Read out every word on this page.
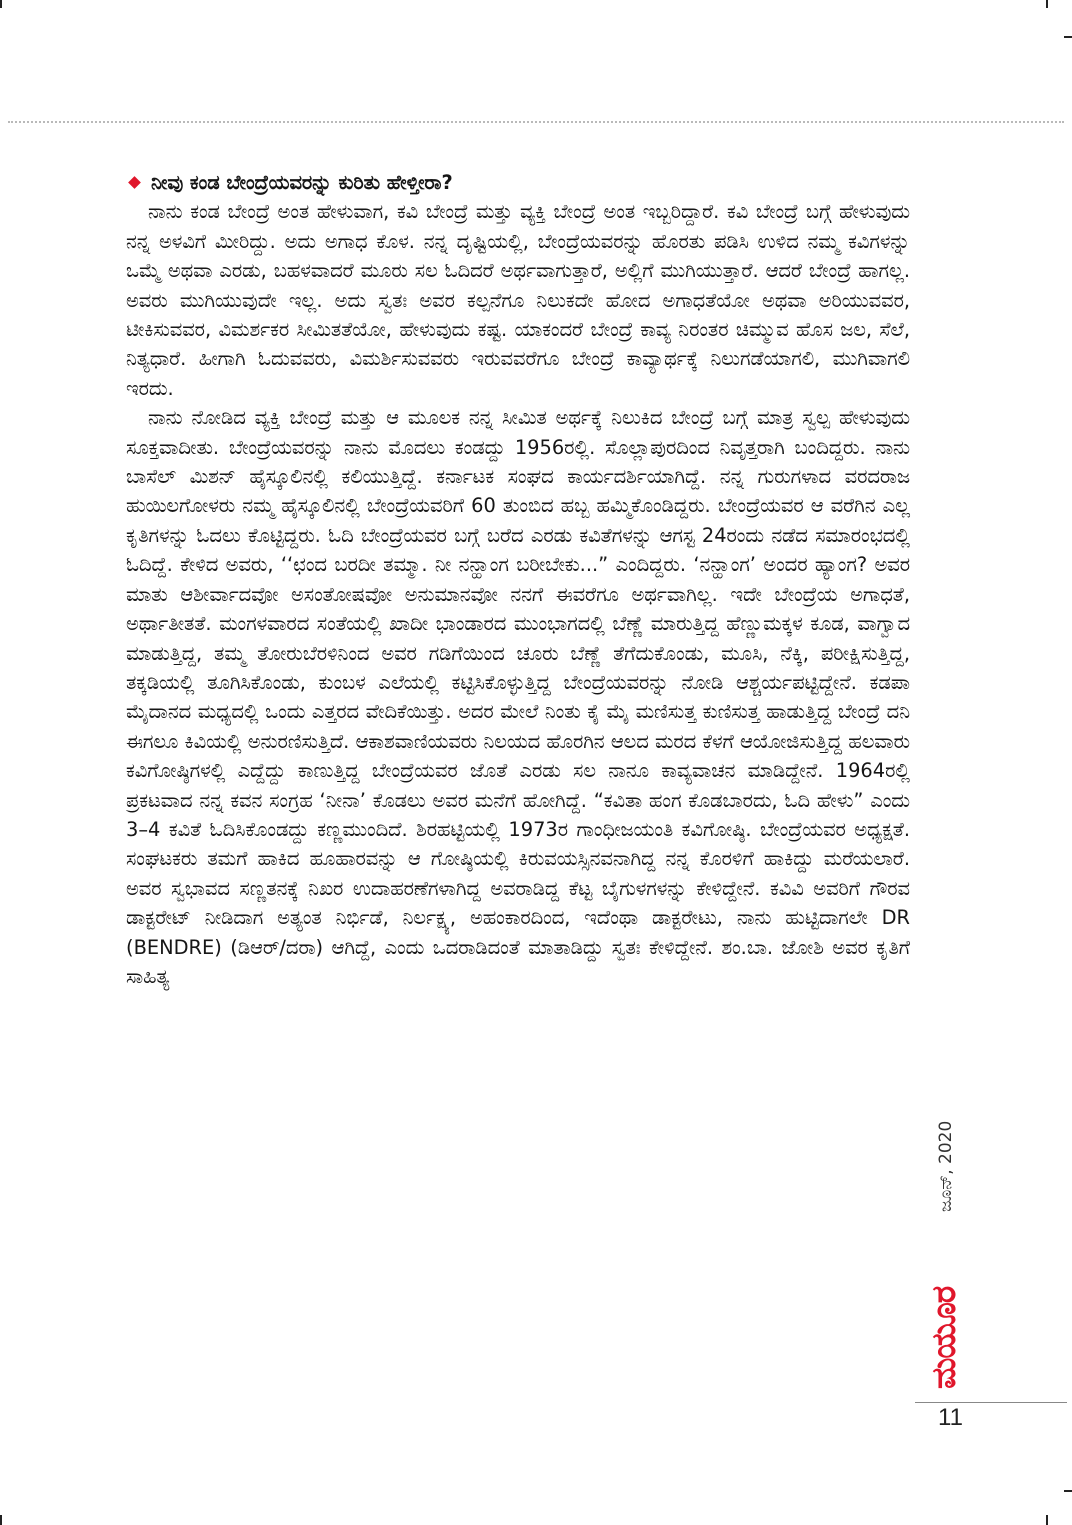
ನೀವು ಕಂಡ ಬೇಂದ್ರೆಯವರನ್ನು ಕುರಿತು ಹೇಳ್ತೀರಾ?

ನಾನು ಕಂಡ ಬೇಂದ್ರೆ ಅಂತ ಹೇಳುವಾಗ, ಕವಿ ಬೇಂದ್ರೆ ಮತ್ತು ವ್ಯಕ್ತಿ ಬೇಂದ್ರೆ ಅಂತ ಇಬ್ಬರಿದ್ದಾರೆ. ಕವಿ ಬೇಂದ್ರೆ ಬಗ್ಗೆ ಹೇಳುವುದು ನನ್ನ ಅಳವಿಗೆ ಮೀರಿದ್ದು. ಅದು ಅಗಾಧ ಕೊಳ. ನನ್ನ ದೃಷ್ಟಿಯಲ್ಲಿ, ಬೇಂದ್ರೆಯವರನ್ನು ಹೊರತು ಪಡಿಸಿ ಉಳಿದ ನಮ್ಮ ಕವಿಗಳನ್ನು ಒಮ್ಮೆ ಅಥವಾ ಎರಡು, ಬಹಳವಾದರೆ ಮೂರು ಸಲ ಓದಿದರೆ ಅರ್ಥವಾಗುತ್ತಾರೆ, ಅಲ್ಲಿಗೆ ಮುಗಿಯುತ್ತಾರೆ. ಆದರೆ ಬೇಂದ್ರೆ ಹಾಗಲ್ಲ. ಅವರು ಮುಗಿಯುವುದೇ ಇಲ್ಲ. ಅದು ಸ್ವತಃ ಅವರ ಕಲ್ಪನೆಗೂ ನಿಲುಕದೇ ಹೋದ ಅಗಾಧತೆಯೋ ಅಥವಾ ಅರಿಯುವವರ, ಟೀಕಿಸುವವರ, ವಿಮರ್ಶಕರ ಸೀಮಿತತೆಯೋ, ಹೇಳುವುದು ಕಷ್ಟ. ಯಾಕಂದರೆ ಬೇಂದ್ರೆ ಕಾವ್ಯ ನಿರಂತರ ಚಿಮ್ಮುವ ಹೊಸ ಜಲ, ಸೆಲೆ, ನಿತ್ಯಧಾರೆ. ಹೀಗಾಗಿ ಓದುವವರು, ವಿಮರ್ಶಿಸುವವರು ಇರುವವರೆಗೂ ಬೇಂದ್ರೆ ಕಾವ್ಯಾರ್ಥಕ್ಕೆ ನಿಲುಗಡೆಯಾಗಲಿ, ಮುಗಿವಾಗಲಿ ಇರದು.

ನಾನು ನೋಡಿದ ವ್ಯಕ್ತಿ ಬೇಂದ್ರೆ ಮತ್ತು ಆ ಮೂಲಕ ನನ್ನ ಸೀಮಿತ ಅರ್ಥಕ್ಕೆ ನಿಲುಕಿದ ಬೇಂದ್ರೆ ಬಗ್ಗೆ ಮಾತ್ರ ಸ್ವಲ್ಪ ಹೇಳುವುದು ಸೂಕ್ತವಾದೀತು. ಬೇಂದ್ರೆಯವರನ್ನು ನಾನು ಮೊದಲು ಕಂಡದ್ದು 1956ರಲ್ಲಿ. ಸೊಲ್ಲಾಪುರದಿಂದ ನಿವೃತ್ತರಾಗಿ ಬಂದಿದ್ದರು. ನಾನು ಬಾಸೆಲ್ ಮಿಶನ್ ಹೈಸ್ಕೂಲಿನಲ್ಲಿ ಕಲಿಯುತ್ತಿದ್ದೆ. ಕರ್ನಾಟಕ ಸಂಘದ ಕಾರ್ಯದರ್ಶಿಯಾಗಿದ್ದೆ. ನನ್ನ ಗುರುಗಳಾದ ವರದರಾಜ ಹುಯಿಲಗೋಳರು ನಮ್ಮ ಹೈಸ್ಕೂಲಿನಲ್ಲಿ ಬೇಂದ್ರೆಯವರಿಗೆ 60 ತುಂಬಿದ ಹಬ್ಬ ಹಮ್ಮಿಕೊಂಡಿದ್ದರು. ಬೇಂದ್ರೆಯವರ ಆ ವರೆಗಿನ ಎಲ್ಲ ಕೃತಿಗಳನ್ನು ಓದಲು ಕೊಟ್ಟಿದ್ದರು. ಓದಿ ಬೇಂದ್ರೆಯವರ ಬಗ್ಗೆ ಬರೆದ ಎರಡು ಕವಿತೆಗಳನ್ನು ಆಗಸ್ಟ 24ರಂದು ನಡೆದ ಸಮಾರಂಭದಲ್ಲಿ ಓದಿದ್ದೆ. ಕೇಳಿದ ಅವರು, ‘‘ಛಂದ ಬರದೀ ತಮ್ಮಾ. ನೀ ನನ್ಹಾಂಗ ಬರೀಬೇಕು...” ಎಂದಿದ್ದರು. ‘ನನ್ಹಾಂಗ’ ಅಂದರ ಹ್ಯಾಂಗ? ಅವರ ಮಾತು ಆಶೀರ್ವಾದವೋ ಅಸಂತೋಷವೋ ಅನುಮಾನವೋ ನನಗೆ ಈವರೆಗೂ ಅರ್ಥವಾಗಿಲ್ಲ. ಇದೇ ಬೇಂದ್ರೆಯ ಅಗಾಧತೆ, ಅರ್ಥಾತೀತತೆ. ಮಂಗಳವಾರದ ಸಂತೆಯಲ್ಲಿ ಖಾದೀ ಭಾಂಡಾರದ ಮುಂಭಾಗದಲ್ಲಿ ಬೆಣ್ಣೆ ಮಾರುತ್ತಿದ್ದ ಹೆಣ್ಣುಮಕ್ಕಳ ಕೂಡ, ವಾಗ್ವಾದ ಮಾಡುತ್ತಿದ್ದ, ತಮ್ಮ ತೋರುಬೆರಳಿನಿಂದ ಅವರ ಗಡಿಗೆಯಿಂದ ಚೂರು ಬೆಣ್ಣೆ ತೆಗೆದುಕೊಂಡು, ಮೂಸಿ, ನೆಕ್ಕಿ, ಪರೀಕ್ಷಿಸುತ್ತಿದ್ದ, ತಕ್ಕಡಿಯಲ್ಲಿ ತೂಗಿಸಿಕೊಂಡು, ಕುಂಬಳ ಎಲೆಯಲ್ಲಿ ಕಟ್ಟಿಸಿಕೊಳ್ಳುತ್ತಿದ್ದ ಬೇಂದ್ರೆಯವರನ್ನು ನೋಡಿ ಆಶ್ಚರ್ಯಪಟ್ಟಿದ್ದೇನೆ. ಕಡಪಾ ಮೈದಾನದ ಮಧ್ಯದಲ್ಲಿ ಒಂದು ಎತ್ತರದ ವೇದಿಕೆಯಿತ್ತು. ಅದರ ಮೇಲೆ ನಿಂತು ಕೈ ಮೈ ಮಣಿಸುತ್ತ ಕುಣಿಸುತ್ತ ಹಾಡುತ್ತಿದ್ದ ಬೇಂದ್ರೆ ದನಿ ಈಗಲೂ ಕಿವಿಯಲ್ಲಿ ಅನುರಣಿಸುತ್ತಿದೆ. ಆಕಾಶವಾಣಿಯವರು ನಿಲಯದ ಹೊರಗಿನ ಆಲದ ಮರದ ಕೆಳಗೆ ಆಯೋಜಿಸುತ್ತಿದ್ದ ಹಲವಾರು ಕವಿಗೋಷ್ಠಿಗಳಲ್ಲಿ ಎದ್ದೆದ್ದು ಕಾಣುತ್ತಿದ್ದ ಬೇಂದ್ರೆಯವರ ಜೊತೆ ಎರಡು ಸಲ ನಾನೂ ಕಾವ್ಯವಾಚನ ಮಾಡಿದ್ದೇನೆ. 1964ರಲ್ಲಿ ಪ್ರಕಟವಾದ ನನ್ನ ಕವನ ಸಂಗ್ರಹ ‘ನೀನಾ’ ಕೊಡಲು ಅವರ ಮನೆಗೆ ಹೋಗಿದ್ದೆ. “ಕವಿತಾ ಹಂಗ ಕೊಡಬಾರದು, ಓದಿ ಹೇಳು” ಎಂದು 3–4 ಕವಿತೆ ಓದಿಸಿಕೊಂಡದ್ದು ಕಣ್ಣಮುಂದಿದೆ. ಶಿರಹಟ್ಟಿಯಲ್ಲಿ 1973ರ ಗಾಂಧೀಜಯಂತಿ ಕವಿಗೋಷ್ಠಿ. ಬೇಂದ್ರೆಯವರ ಅಧ್ಯಕ್ಷತೆ. ಸಂಘಟಕರು ತಮಗೆ ಹಾಕಿದ ಹೂಹಾರವನ್ನು ಆ ಗೋಷ್ಠಿಯಲ್ಲಿ ಕಿರುವಯಸ್ಸಿನವನಾಗಿದ್ದ ನನ್ನ ಕೊರಳಿಗೆ ಹಾಕಿದ್ದು ಮರೆಯಲಾರೆ. ಅವರ ಸ್ವಭಾವದ ಸಣ್ಣತನಕ್ಕೆ ನಿಖರ ಉದಾಹರಣೆಗಳಾಗಿದ್ದ ಅವರಾಡಿದ್ದ ಕೆಟ್ಟ ಬೈಗುಳಗಳನ್ನು ಕೇಳಿದ್ದೇನೆ. ಕವಿವಿ ಅವರಿಗೆ ಗೌರವ ಡಾಕ್ಟರೇಟ್ ನೀಡಿದಾಗ ಅತ್ಯಂತ ನಿರ್ಭಿಡೆ, ನಿರ್ಲಕ್ಷ್ಯ, ಅಹಂಕಾರದಿಂದ, ಇದೆಂಥಾ ಡಾಕ್ಟರೇಟು, ನಾನು ಹುಟ್ಟಿದಾಗಲೇ DR (BENDRE) (ಡಿಆರ್/ದರಾ) ಆಗಿದ್ದೆ, ಎಂದು ಒದರಾಡಿದಂತೆ ಮಾತಾಡಿದ್ದು ಸ್ವತಃ ಕೇಳಿದ್ದೇನೆ. ಶಂ.ಬಾ. ಜೋಶಿ ಅವರ ಕೃತಿಗೆ ಸಾಹಿತ್ಯ

ಜೂನ್, 2020
ಮಯೂರ
11
